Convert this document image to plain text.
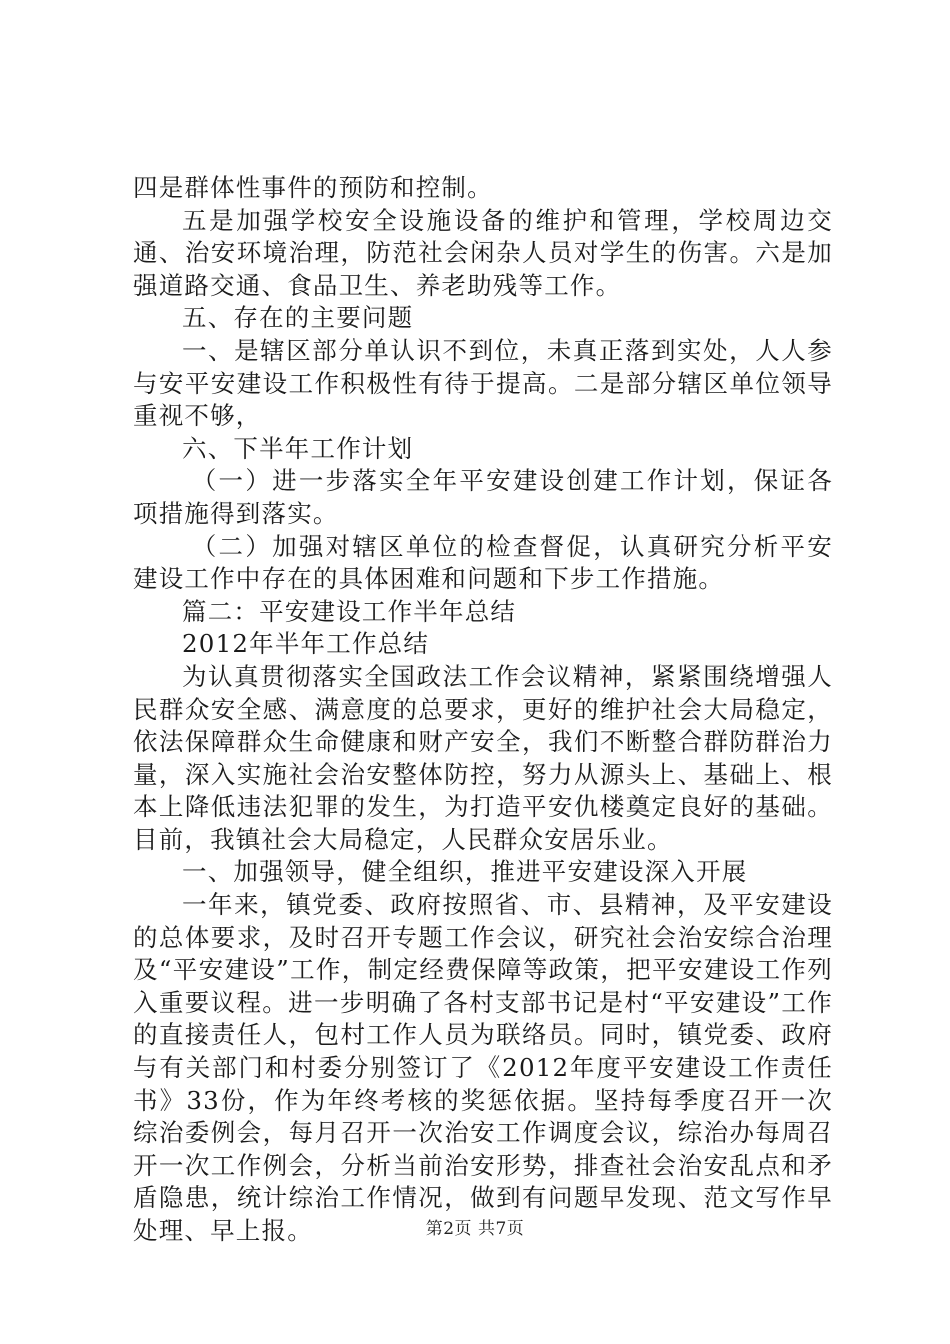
四是群体性事件的预防和控制。

五是加强学校安全设施设备的维护和管理，学校周边交通、治安环境治理，防范社会闲杂人员对学生的伤害。六是加强道路交通、食品卫生、养老助残等工作。

五、存在的主要问题

一、是辖区部分单认识不到位，未真正落到实处，人人参与安平安建设工作积极性有待于提高。二是部分辖区单位领导重视不够，

六、下半年工作计划

（一）进一步落实全年平安建设创建工作计划，保证各项措施得到落实。

（二）加强对辖区单位的检查督促，认真研究分析平安建设工作中存在的具体困难和问题和下步工作措施。

篇二：平安建设工作半年总结

2012年半年工作总结

为认真贯彻落实全国政法工作会议精神，紧紧围绕增强人民群众安全感、满意度的总要求，更好的维护社会大局稳定，依法保障群众生命健康和财产安全，我们不断整合群防群治力量，深入实施社会治安整体防控，努力从源头上、基础上、根本上降低违法犯罪的发生，为打造平安仇楼奠定良好的基础。目前，我镇社会大局稳定，人民群众安居乐业。

一、加强领导，健全组织，推进平安建设深入开展

一年来，镇党委、政府按照省、市、县精神，及平安建设的总体要求，及时召开专题工作会议，研究社会治安综合治理及“平安建设”工作，制定经费保障等政策，把平安建设工作列入重要议程。进一步明确了各村支部书记是村“平安建设”工作的直接责任人，包村工作人员为联络员。同时，镇党委、政府与有关部门和村委分别签订了《2012年度平安建设工作责任书》33份，作为年终考核的奖惩依据。坚持每季度召开一次综治委例会，每月召开一次治安工作调度会议，综治办每周召开一次工作例会，分析当前治安形势，排查社会治安乱点和矛盾隐患，统计综治工作情况，做到有问题早发现、范文写作早处理、早上报。	第2页 共7页
